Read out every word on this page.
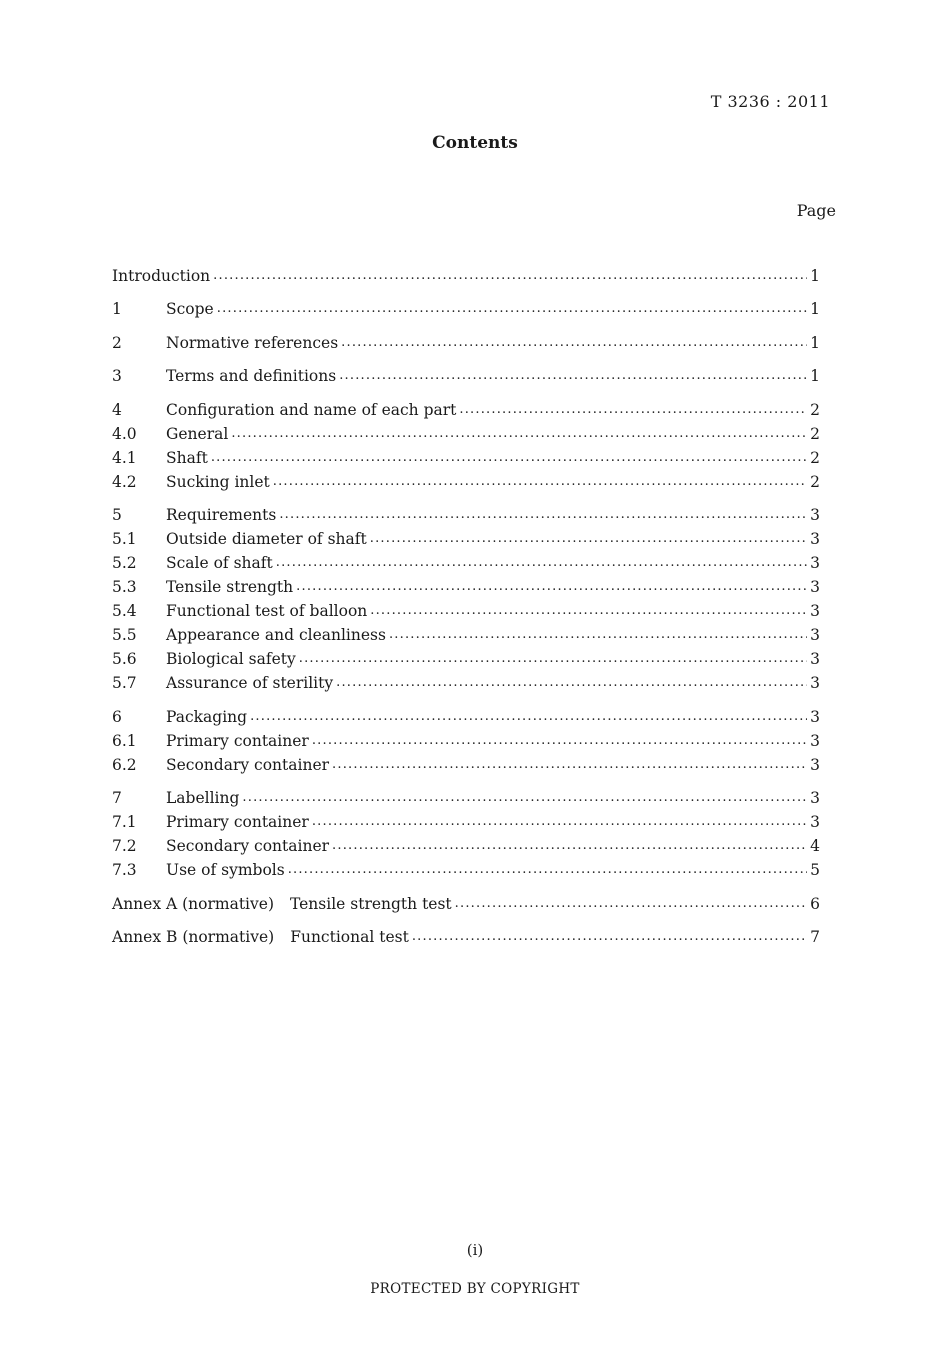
T 3236 : 2011
Contents
Page
Introduction .....	1
1	Scope .....	1
2	Normative references .....	1
3	Terms and definitions .....	1
4	Configuration and name of each part .....	2
4.0	General .....	2
4.1	Shaft .....	2
4.2	Sucking inlet .....	2
5	Requirements .....	3
5.1	Outside diameter of shaft .....	3
5.2	Scale of shaft .....	3
5.3	Tensile strength .....	3
5.4	Functional test of balloon .....	3
5.5	Appearance and cleanliness .....	3
5.6	Biological safety .....	3
5.7	Assurance of sterility .....	3
6	Packaging .....	3
6.1	Primary container .....	3
6.2	Secondary container .....	3
7	Labelling .....	3
7.1	Primary container .....	3
7.2	Secondary container .....	4
7.3	Use of symbols .....	5
Annex A (normative) Tensile strength test .....	6
Annex B (normative) Functional test .....	7
(i)
PROTECTED BY COPYRIGHT
